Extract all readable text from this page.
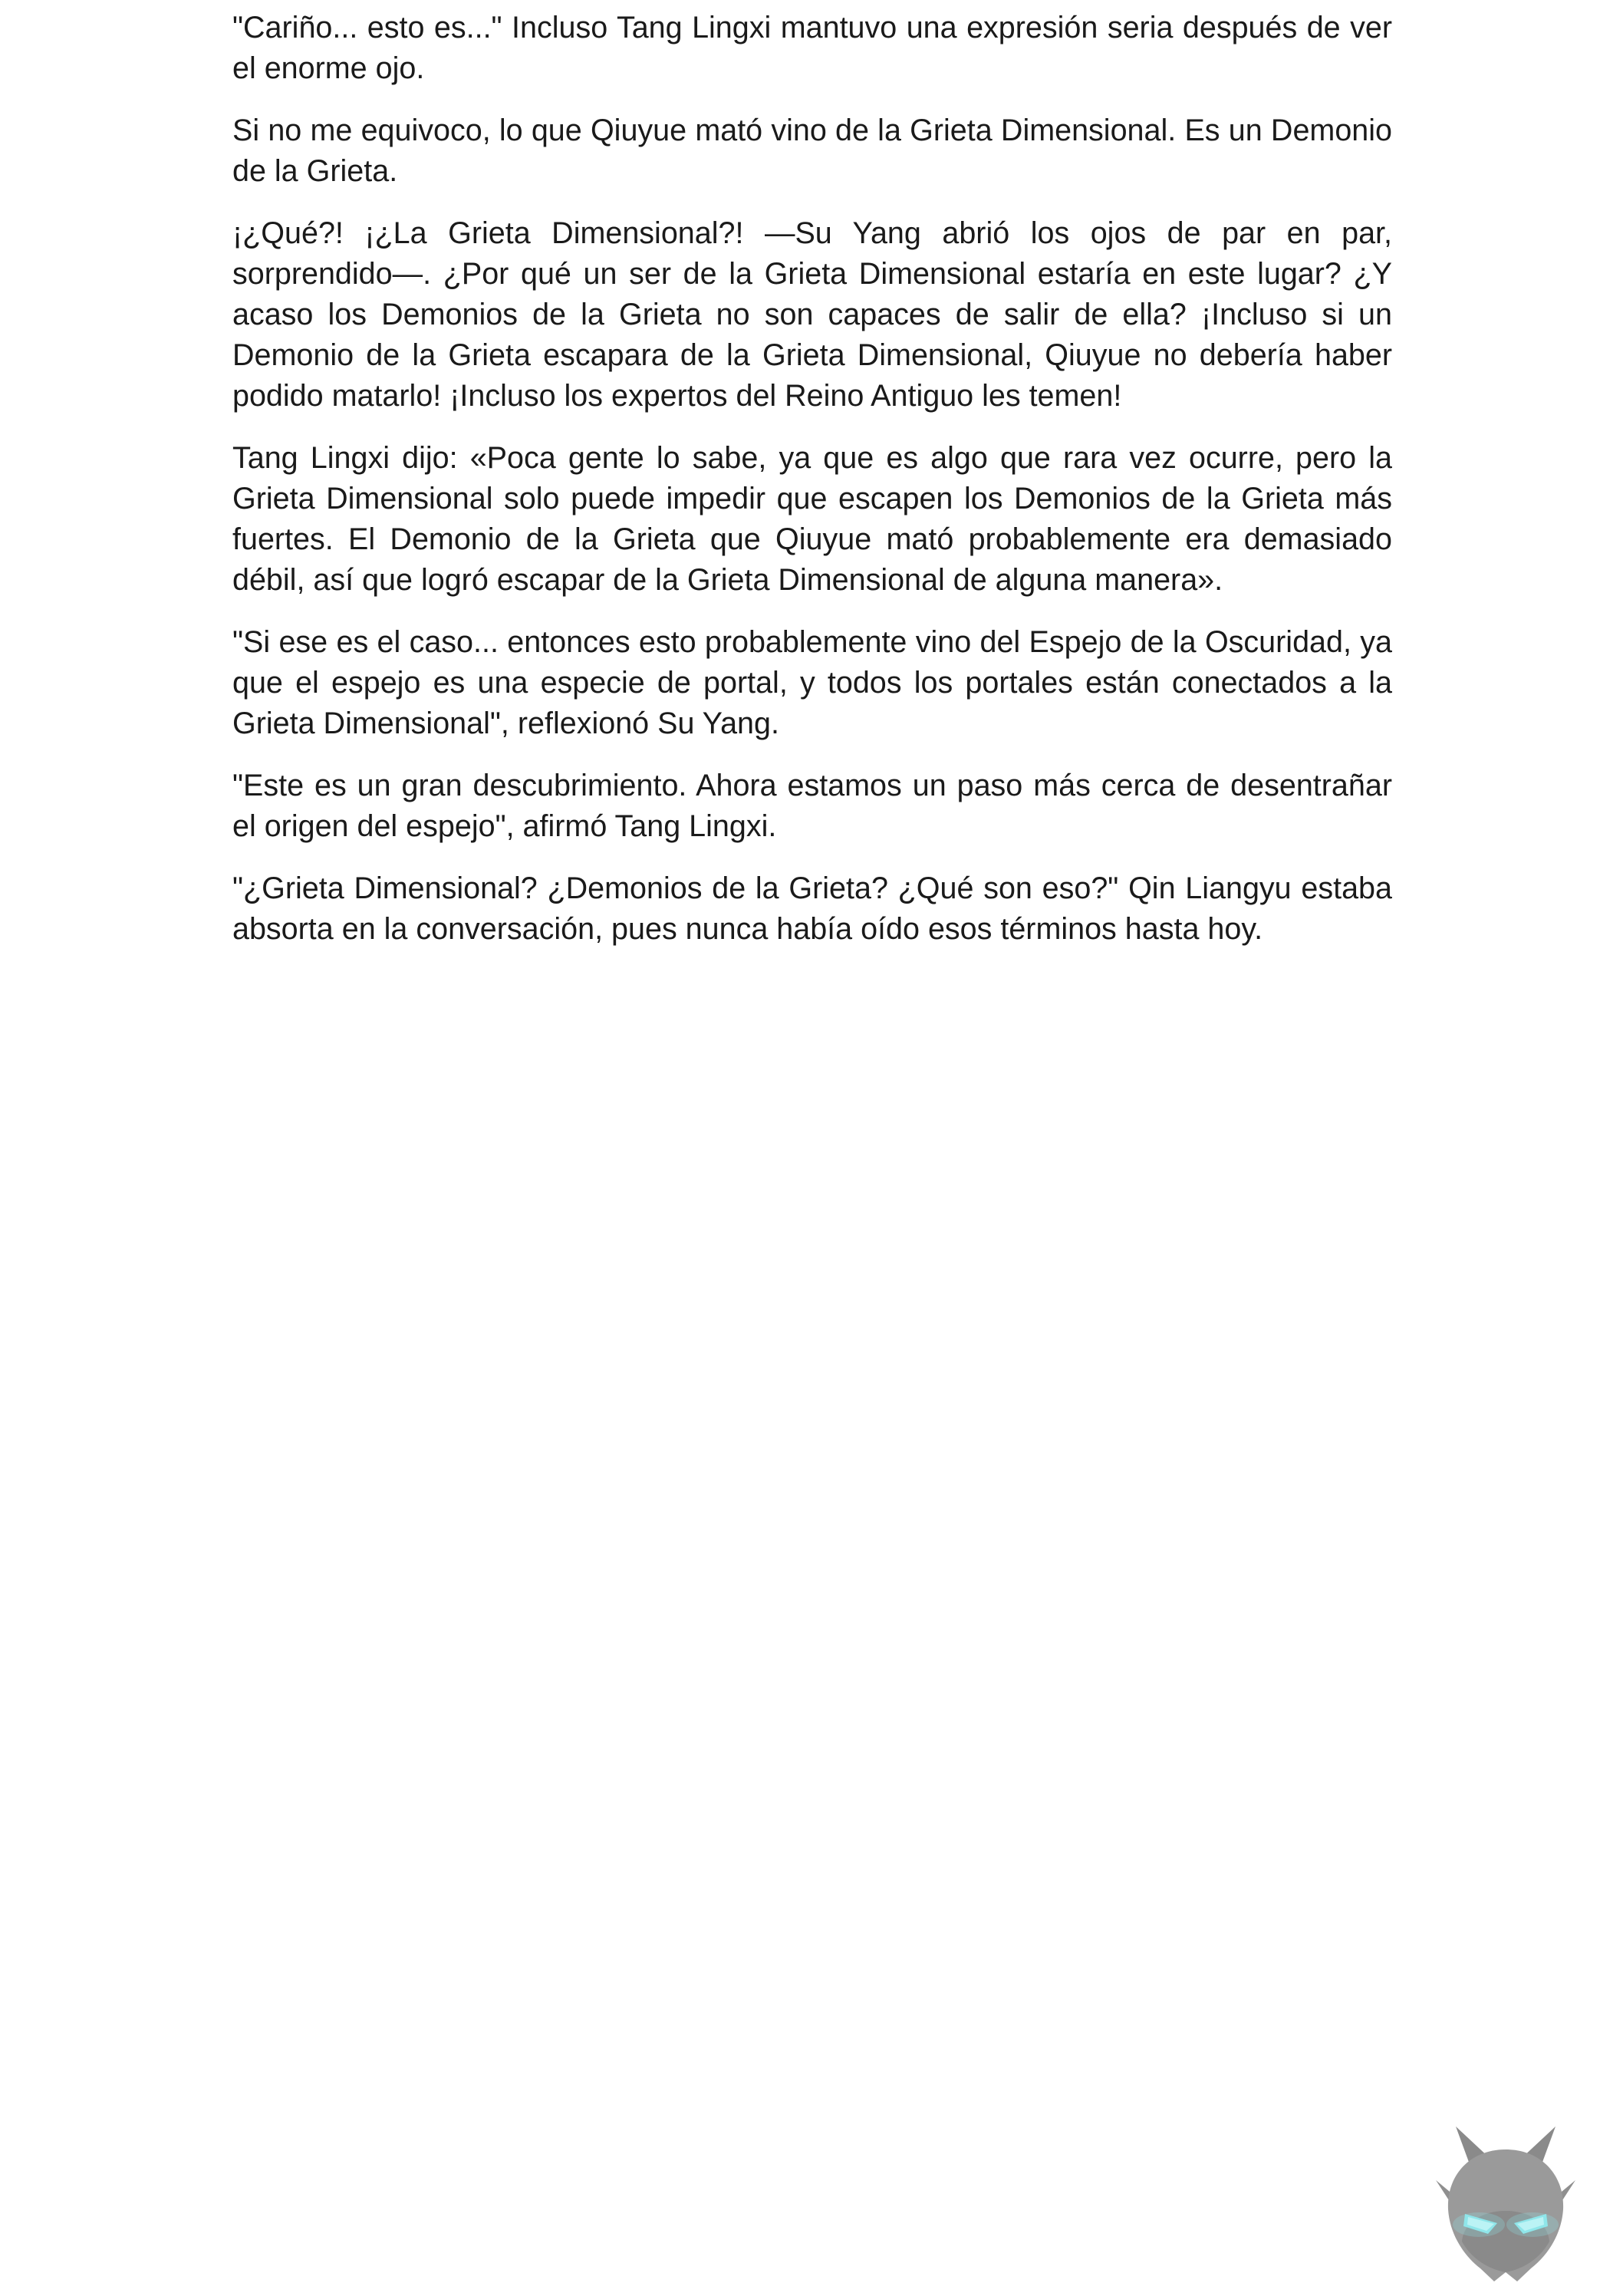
"Cariño... esto es..." Incluso Tang Lingxi mantuvo una expresión seria después de ver el enorme ojo.

Si no me equivoco, lo que Qiuyue mató vino de la Grieta Dimensional. Es un Demonio de la Grieta.

¡¿Qué?! ¡¿La Grieta Dimensional?! —Su Yang abrió los ojos de par en par, sorprendido—. ¿Por qué un ser de la Grieta Dimensional estaría en este lugar? ¿Y acaso los Demonios de la Grieta no son capaces de salir de ella? ¡Incluso si un Demonio de la Grieta escapara de la Grieta Dimensional, Qiuyue no debería haber podido matarlo! ¡Incluso los expertos del Reino Antiguo les temen!

Tang Lingxi dijo: «Poca gente lo sabe, ya que es algo que rara vez ocurre, pero la Grieta Dimensional solo puede impedir que escapen los Demonios de la Grieta más fuertes. El Demonio de la Grieta que Qiuyue mató probablemente era demasiado débil, así que logró escapar de la Grieta Dimensional de alguna manera».

"Si ese es el caso... entonces esto probablemente vino del Espejo de la Oscuridad, ya que el espejo es una especie de portal, y todos los portales están conectados a la Grieta Dimensional", reflexionó Su Yang.

"Este es un gran descubrimiento. Ahora estamos un paso más cerca de desentrañar el origen del espejo", afirmó Tang Lingxi.

"¿Grieta Dimensional? ¿Demonios de la Grieta? ¿Qué son eso?" Qin Liangyu estaba absorta en la conversación, pues nunca había oído esos términos hasta hoy.
